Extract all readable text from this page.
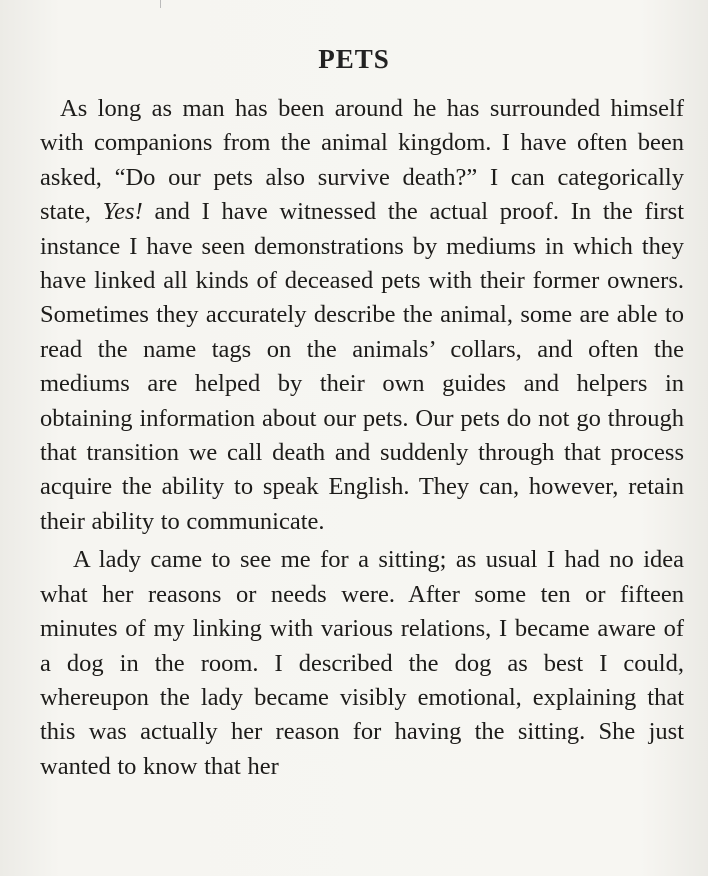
PETS

As long as man has been around he has surrounded himself with companions from the animal kingdom. I have often been asked, “Do our pets also survive death?” I can categorically state, Yes! and I have witnessed the actual proof. In the first instance I have seen demonstrations by mediums in which they have linked all kinds of deceased pets with their former owners. Sometimes they accurately describe the animal, some are able to read the name tags on the animals’ collars, and often the mediums are helped by their own guides and helpers in obtaining information about our pets. Our pets do not go through that transition we call death and suddenly through that process acquire the ability to speak English. They can, however, retain their ability to communicate.

A lady came to see me for a sitting; as usual I had no idea what her reasons or needs were. After some ten or fifteen minutes of my linking with various relations, I became aware of a dog in the room. I described the dog as best I could, whereupon the lady became visibly emotional, explaining that this was actually her reason for having the sitting. She just wanted to know that her
